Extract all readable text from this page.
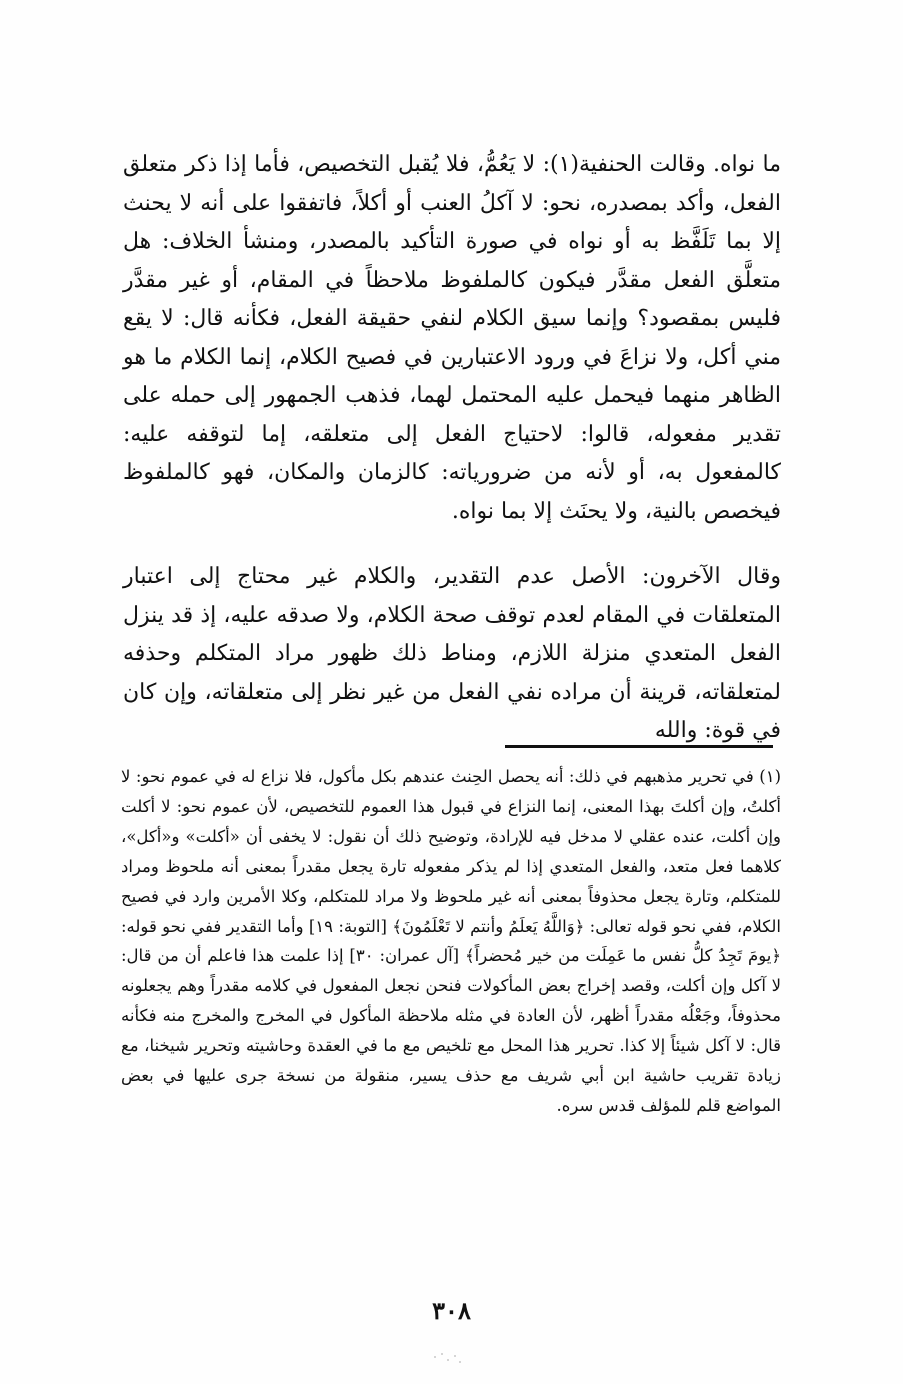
ما نواه. وقالت الحنفية(١): لا يَعُمُّ، فلا يُقبل التخصيص، فأما إذا ذكر متعلق الفعل، وأكد بمصدره، نحو: لا آكلُ العنب أو أكلاً، فاتفقوا على أنه لا يحنث إلا بما تَلَفَّظ به أو نواه في صورة التأكيد بالمصدر، ومنشأ الخلاف: هل متعلَّق الفعل مقدَّر فيكون كالملفوظ ملاحظاً في المقام، أو غير مقدَّر فليس بمقصود؟ وإنما سيق الكلام لنفي حقيقة الفعل، فكأنه قال: لا يقع مني أكل، ولا نزاعَ في ورود الاعتبارين في فصيح الكلام، إنما الكلام ما هو الظاهر منهما فيحمل عليه المحتمل لهما، فذهب الجمهور إلى حمله على تقدير مفعوله، قالوا: لاحتياج الفعل إلى متعلقه، إما لتوقفه عليه: كالمفعول به، أو لأنه من ضرورياته: كالزمان والمكان، فهو كالملفوظ فيخصص بالنية، ولا يحنَث إلا بما نواه.

وقال الآخرون: الأصل عدم التقدير، والكلام غير محتاج إلى اعتبار المتعلقات في المقام لعدم توقف صحة الكلام، ولا صدقه عليه، إذ قد ينزل الفعل المتعدي منزلة اللازم، ومناط ذلك ظهور مراد المتكلم وحذفه لمتعلقاته، قرينة أن مراده نفي الفعل من غير نظر إلى متعلقاته، وإن كان في قوة: والله

(١) في تحرير مذهبهم في ذلك: أنه يحصل الحِنث عندهم بكل مأكول، فلا نزاع له في عموم نحو: لا أكلتُ، وإن أكلتَ بهذا المعنى، إنما النزاع في قبول هذا العموم للتخصيص، لأن عموم نحو: لا أكلت وإن أكلت، عنده عقلي لا مدخل فيه للإرادة، وتوضيح ذلك أن نقول: لا يخفى أن «أكلت» و«أكل»، كلاهما فعل متعد، والفعل المتعدي إذا لم يذكر مفعوله تارة يجعل مقدراً بمعنى أنه ملحوظ ومراد للمتكلم، وتارة يجعل محذوفاً بمعنى أنه غير ملحوظ ولا مراد للمتكلم، وكلا الأمرين وارد في فصيح الكلام، ففي نحو قوله تعالى: ﴿وَاللَّهُ يَعلَمُ وأنتم لا تَعْلَمُونَ﴾ [التوبة: ١٩] وأما التقدير ففي نحو قوله: ﴿يومَ تَجِدُ كلُّ نفس ما عَمِلَت من خير مُحضراً﴾ [آل عمران: ٣٠] إذا علمت هذا فاعلم أن من قال: لا آكل وإن أكلت، وقصد إخراج بعض المأكولات فنحن نجعل المفعول في كلامه مقدراً وهم يجعلونه محذوفاً، وجَعْلُه مقدراً أظهر، لأن العادة في مثله ملاحظة المأكول في المخرج والمخرج منه فكأنه قال: لا آكل شيئاً إلا كذا. تحرير هذا المحل مع تلخيص مع ما في العقدة وحاشيته وتحرير شيخنا، مع زيادة تقريب حاشية ابن أبي شريف مع حذف يسير، منقولة من نسخة جرى عليها في بعض المواضع قلم للمؤلف قدس سره.

٣٠٨
